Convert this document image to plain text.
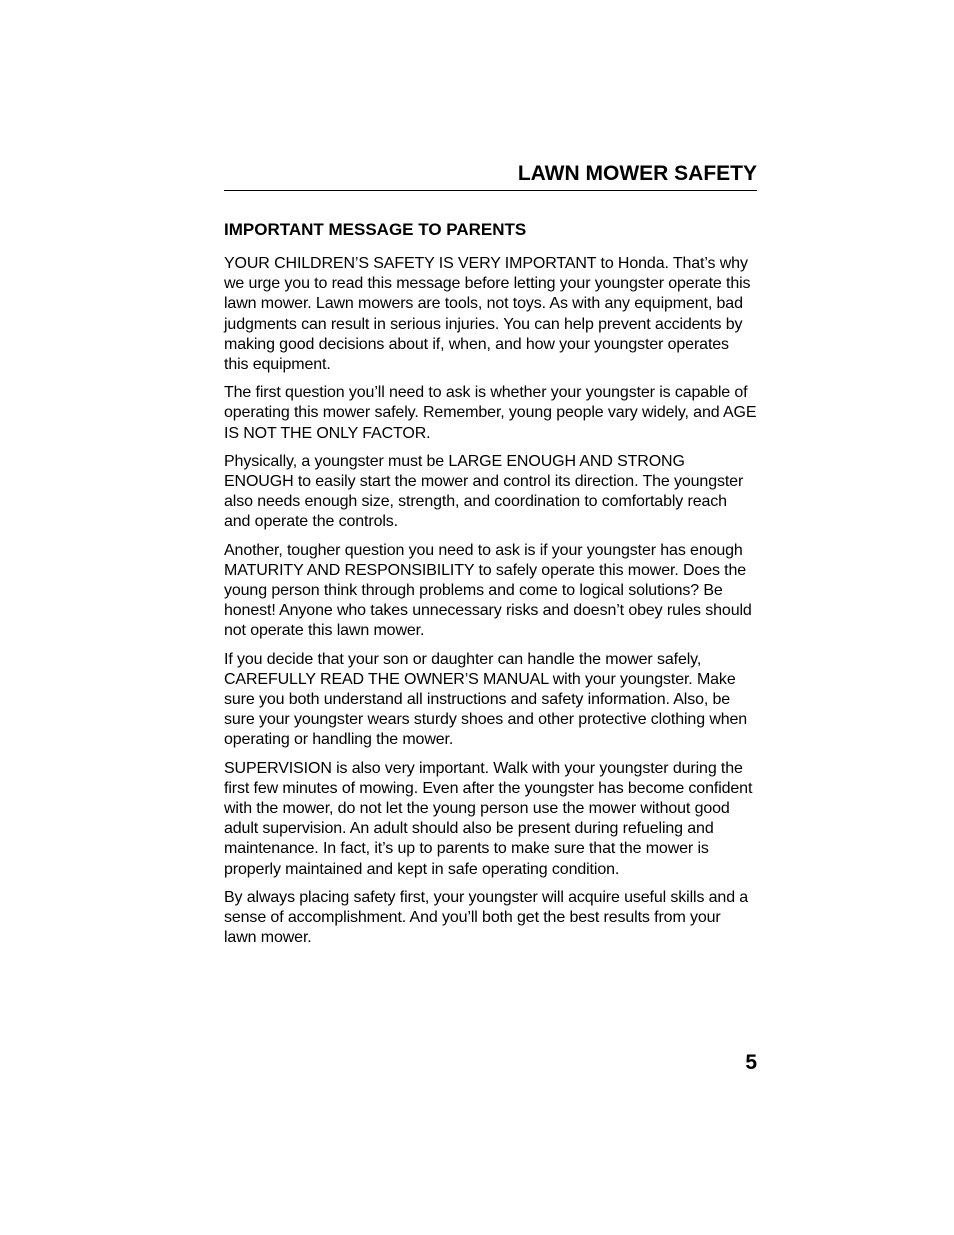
LAWN MOWER SAFETY
IMPORTANT MESSAGE TO PARENTS

YOUR CHILDREN’S SAFETY IS VERY IMPORTANT to Honda. That’s why we urge you to read this message before letting your youngster operate this lawn mower. Lawn mowers are tools, not toys. As with any equipment, bad judgments can result in serious injuries. You can help prevent accidents by making good decisions about if, when, and how your youngster operates this equipment.

The first question you’ll need to ask is whether your youngster is capable of operating this mower safely. Remember, young people vary widely, and AGE IS NOT THE ONLY FACTOR.

Physically, a youngster must be LARGE ENOUGH AND STRONG ENOUGH to easily start the mower and control its direction. The youngster also needs enough size, strength, and coordination to comfortably reach and operate the controls.

Another, tougher question you need to ask is if your youngster has enough MATURITY AND RESPONSIBILITY to safely operate this mower. Does the young person think through problems and come to logical solutions? Be honest! Anyone who takes unnecessary risks and doesn’t obey rules should not operate this lawn mower.

If you decide that your son or daughter can handle the mower safely, CAREFULLY READ THE OWNER’S MANUAL with your youngster. Make sure you both understand all instructions and safety information. Also, be sure your youngster wears sturdy shoes and other protective clothing when operating or handling the mower.

SUPERVISION is also very important. Walk with your youngster during the first few minutes of mowing. Even after the youngster has become confident with the mower, do not let the young person use the mower without good adult supervision. An adult should also be present during refueling and maintenance. In fact, it’s up to parents to make sure that the mower is properly maintained and kept in safe operating condition.

By always placing safety first, your youngster will acquire useful skills and a sense of accomplishment. And you’ll both get the best results from your lawn mower.

5
